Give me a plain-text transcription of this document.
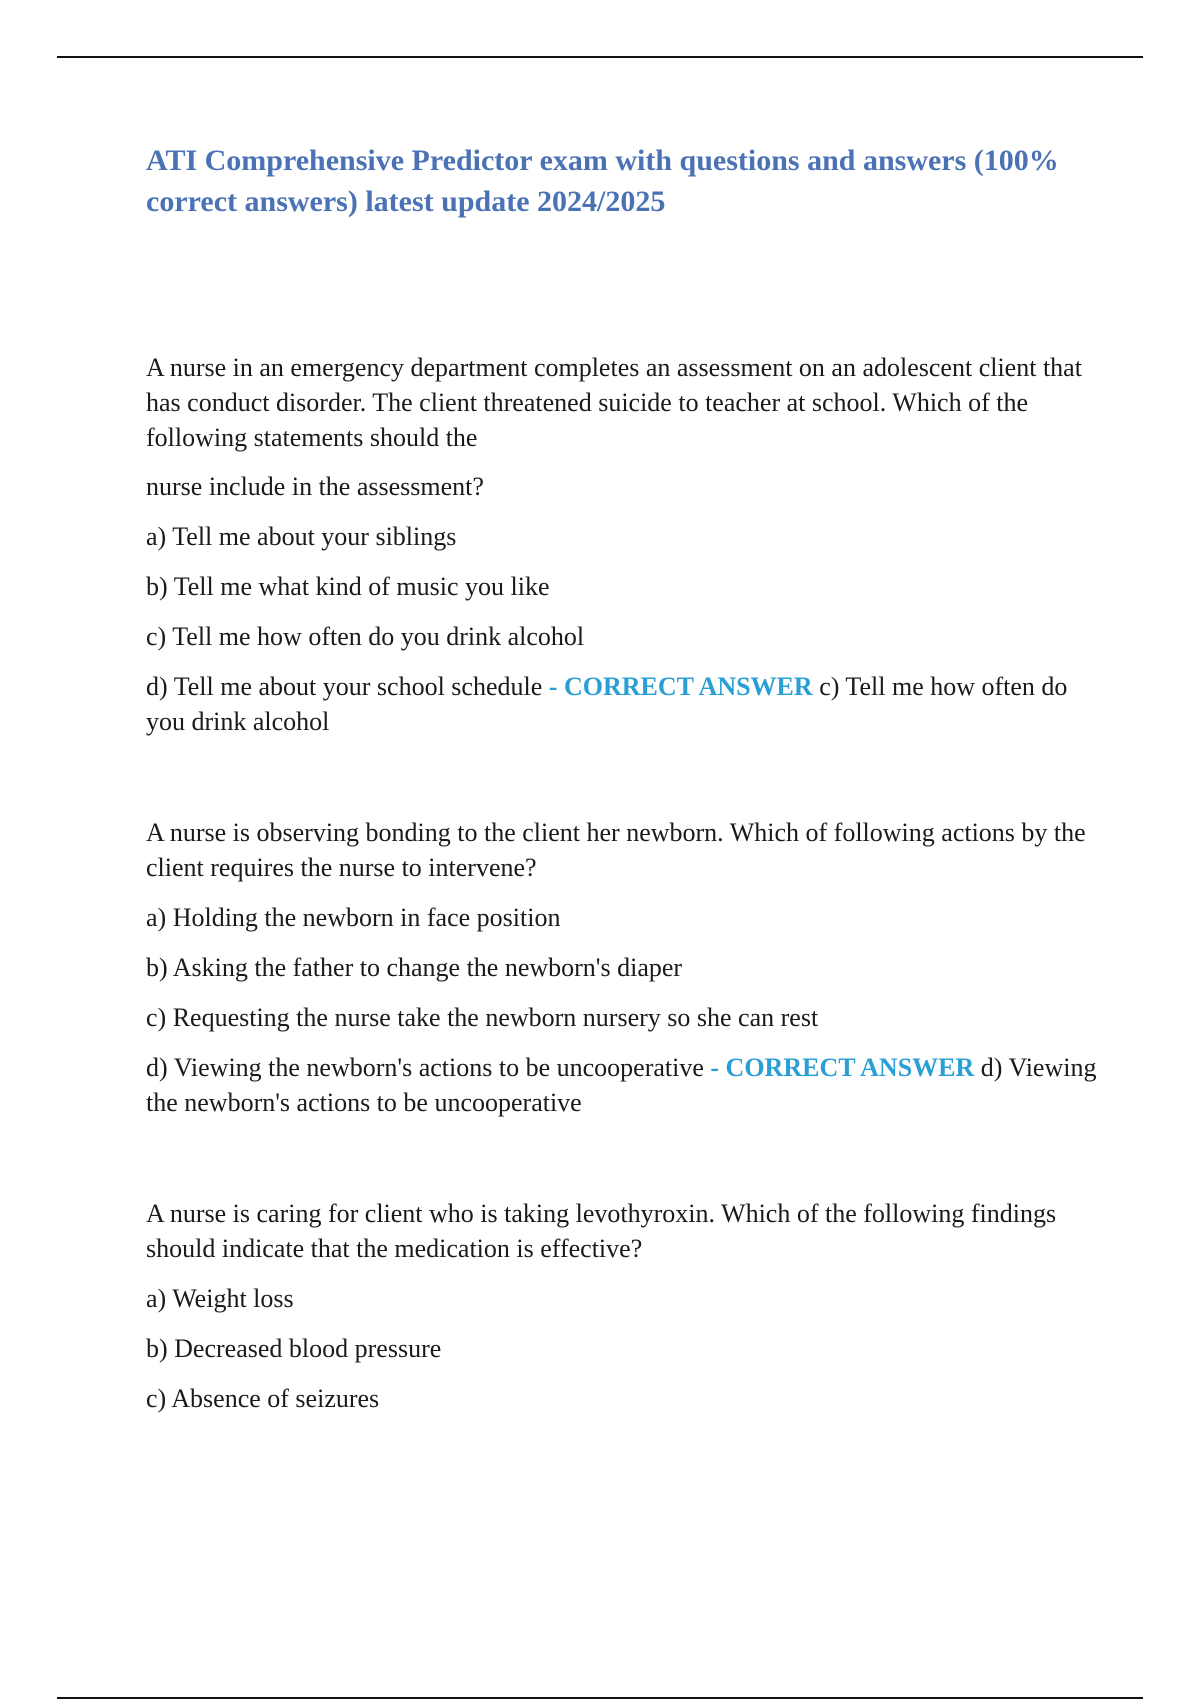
ATI Comprehensive Predictor exam with questions and answers (100% correct answers) latest update 2024/2025

A nurse in an emergency department completes an assessment on an adolescent client that has conduct disorder. The client threatened suicide to teacher at school. Which of the following statements should the

nurse include in the assessment?

a) Tell me about your siblings

b) Tell me what kind of music you like

c) Tell me how often do you drink alcohol

d) Tell me about your school schedule - CORRECT ANSWER c) Tell me how often do you drink alcohol

A nurse is observing bonding to the client her newborn. Which of following actions by the client requires the nurse to intervene?

a) Holding the newborn in face position

b) Asking the father to change the newborn's diaper

c) Requesting the nurse take the newborn nursery so she can rest

d) Viewing the newborn's actions to be uncooperative - CORRECT ANSWER d) Viewing the newborn's actions to be uncooperative

A nurse is caring for client who is taking levothyroxin. Which of the following findings should indicate that the medication is effective?

a) Weight loss

b) Decreased blood pressure

c) Absence of seizures
